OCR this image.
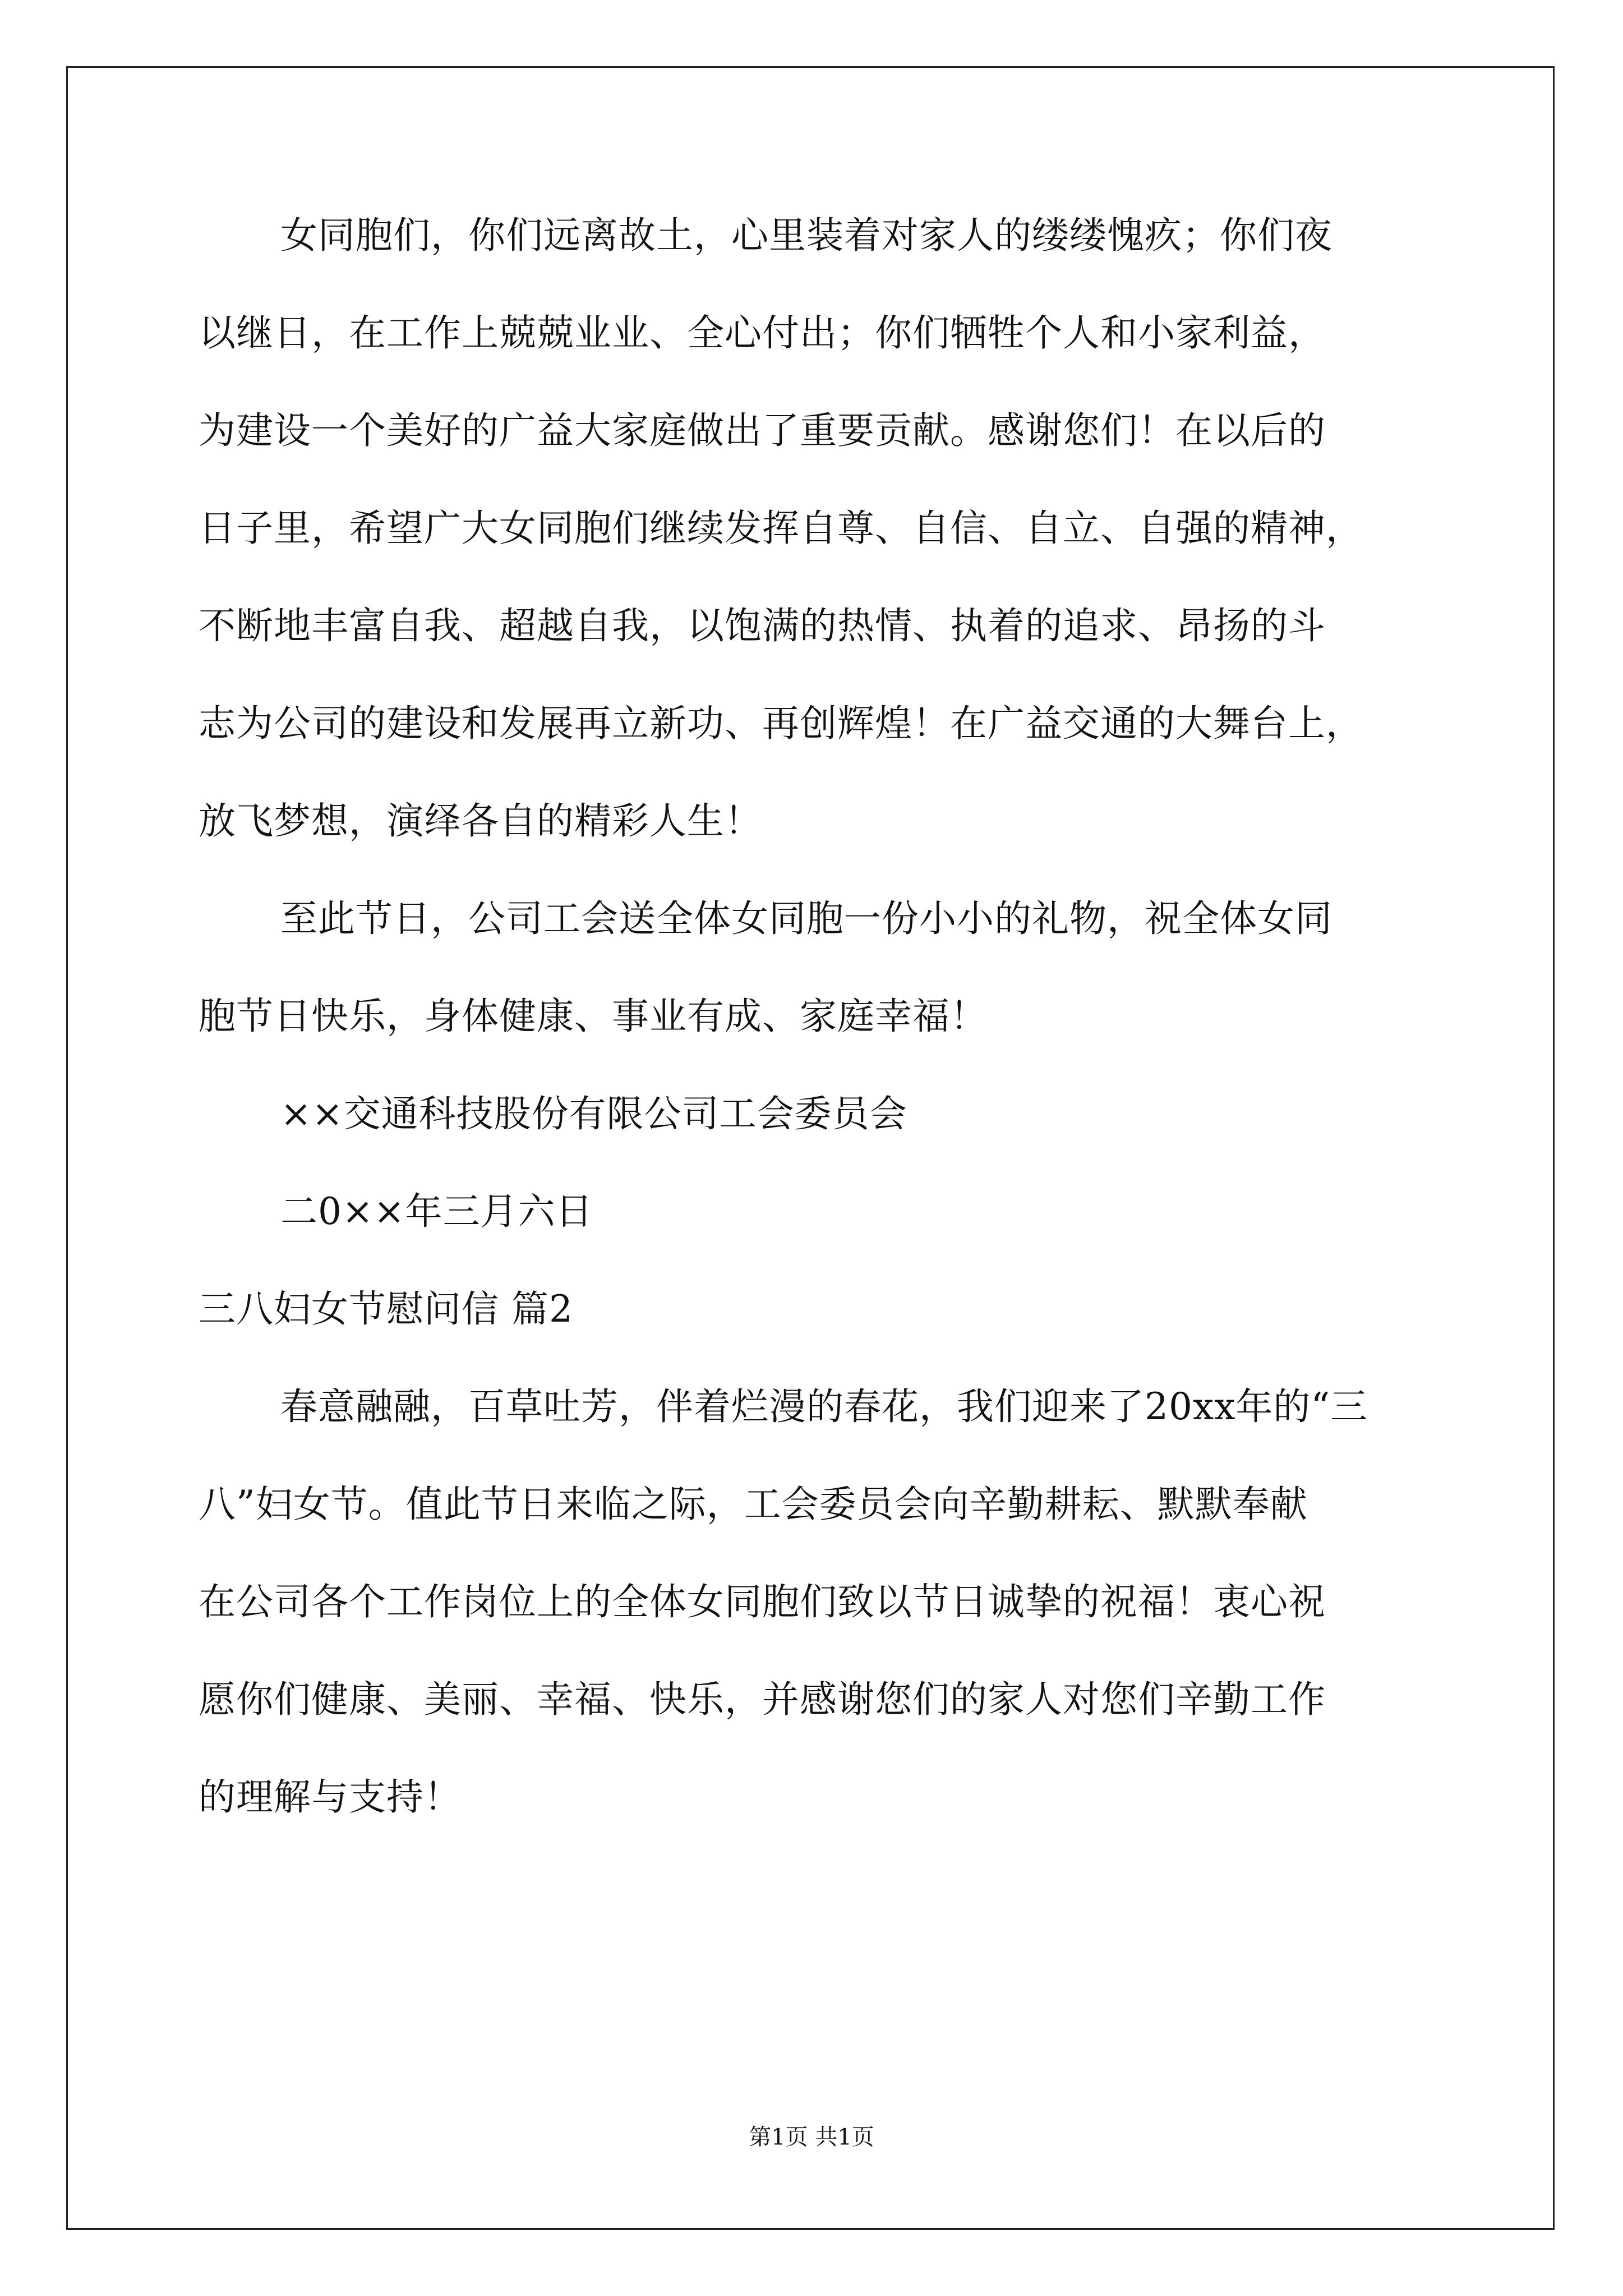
女同胞们，你们远离故土，心里装着对家人的缕缕愧疚；你们夜
以继日，在工作上兢兢业业、全心付出；你们牺牲个人和小家利益，
为建设一个美好的广益大家庭做出了重要贡献。感谢您们！在以后的
日子里，希望广大女同胞们继续发挥自尊、自信、自立、自强的精神，
不断地丰富自我、超越自我，以饱满的热情、执着的追求、昂扬的斗
志为公司的建设和发展再立新功、再创辉煌！在广益交通的大舞台上，
放飞梦想，演绎各自的精彩人生！
至此节日，公司工会送全体女同胞一份小小的礼物，祝全体女同
胞节日快乐，身体健康、事业有成、家庭幸福！
××交通科技股份有限公司工会委员会
二0××年三月六日
三八妇女节慰问信 篇2
春意融融，百草吐芳，伴着烂漫的春花，我们迎来了20xx年的“三
八”妇女节。值此节日来临之际，工会委员会向辛勤耕耘、默默奉献
在公司各个工作岗位上的全体女同胞们致以节日诚挚的祝福！衷心祝
愿你们健康、美丽、幸福、快乐，并感谢您们的家人对您们辛勤工作
的理解与支持！
第1页 共1页
